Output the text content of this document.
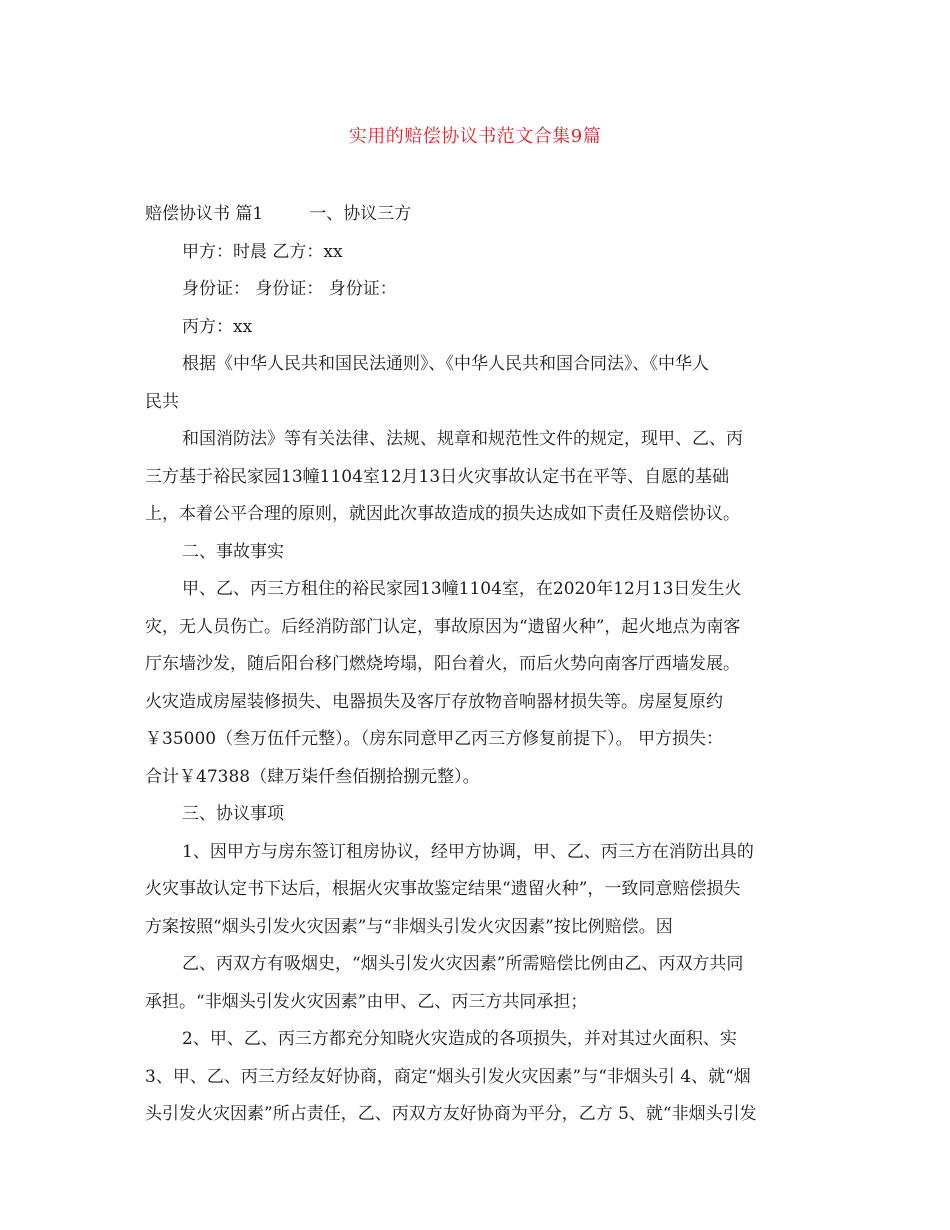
实用的赔偿协议书范文合集9篇
赔偿协议书 篇1	一、协议三方
甲方：时晨 乙方：xx
身份证： 身份证： 身份证：
丙方：xx
根据《中华人民共和国民法通则》、《中华人民共和国合同法》、《中华人
民共
和国消防法》等有关法律、法规、规章和规范性文件的规定，现甲、乙、丙
三方基于裕民家园13幢1104室12月13日火灾事故认定书在平等、自愿的基础
上，本着公平合理的原则，就因此次事故造成的损失达成如下责任及赔偿协议。
二、事故事实
甲、乙、丙三方租住的裕民家园13幢1104室，在2020年12月13日发生火
灾，无人员伤亡。后经消防部门认定，事故原因为“遗留火种”，起火地点为南客
厅东墙沙发，随后阳台移门燃烧垮塌，阳台着火，而后火势向南客厅西墙发展。
火灾造成房屋装修损失、电器损失及客厅存放物音响器材损失等。房屋复原约
￥35000（叁万伍仟元整）。（房东同意甲乙丙三方修复前提下）。 甲方损失：
合计￥47388（肆万柒仟叁佰捌拾捌元整）。
三、协议事项
1、因甲方与房东签订租房协议，经甲方协调，甲、乙、丙三方在消防出具的
火灾事故认定书下达后，根据火灾事故鉴定结果“遗留火种”，一致同意赔偿损失
方案按照“烟头引发火灾因素”与“非烟头引发火灾因素”按比例赔偿。因
乙、丙双方有吸烟史，“烟头引发火灾因素”所需赔偿比例由乙、丙双方共同
承担。“非烟头引发火灾因素”由甲、乙、丙三方共同承担；
2、甲、乙、丙三方都充分知晓火灾造成的各项损失，并对其过火面积、实
3、甲、乙、丙三方经友好协商，商定“烟头引发火灾因素”与“非烟头引 4、就“烟
头引发火灾因素”所占责任，乙、丙双方友好协商为平分，乙方 5、就“非烟头引发
